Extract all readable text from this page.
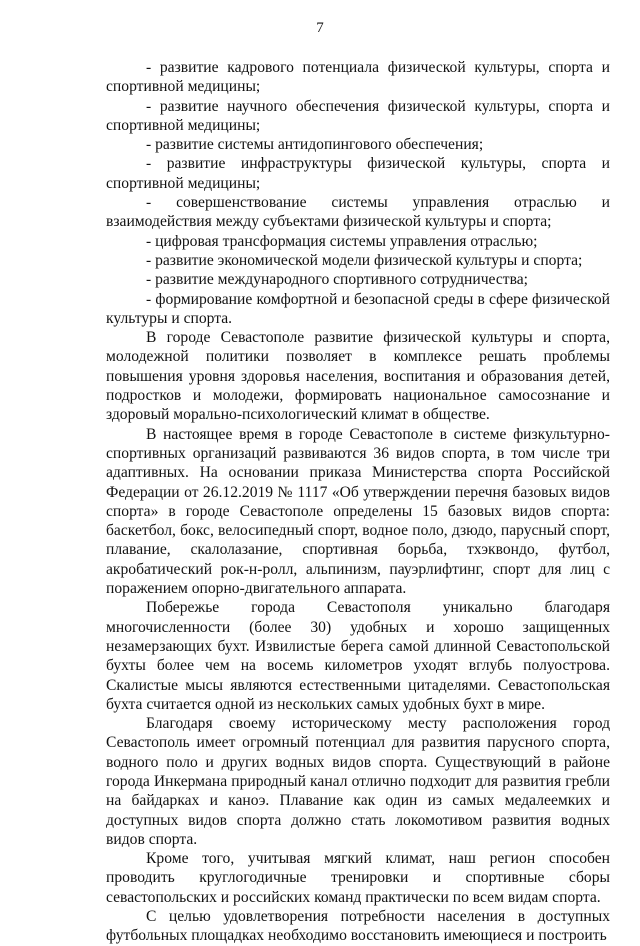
7

- развитие кадрового потенциала физической культуры, спорта и спортивной медицины;

- развитие научного обеспечения физической культуры, спорта и спортивной медицины;

- развитие системы антидопингового обеспечения;

- развитие инфраструктуры физической культуры, спорта и спортивной медицины;

- совершенствование системы управления отраслью и взаимодействия между субъектами физической культуры и спорта;

- цифровая трансформация системы управления отраслью;

- развитие экономической модели физической культуры и спорта;

- развитие международного спортивного сотрудничества;

- формирование комфортной и безопасной среды в сфере физической культуры и спорта.

В городе Севастополе развитие физической культуры и спорта, молодежной политики позволяет в комплексе решать проблемы повышения уровня здоровья населения, воспитания и образования детей, подростков и молодежи, формировать национальное самосознание и здоровый морально-психологический климат в обществе.

В настоящее время в городе Севастополе в системе физкультурно-спортивных организаций развиваются 36 видов спорта, в том числе три адаптивных. На основании приказа Министерства спорта Российской Федерации от 26.12.2019 № 1117 «Об утверждении перечня базовых видов спорта» в городе Севастополе определены 15 базовых видов спорта: баскетбол, бокс, велосипедный спорт, водное поло, дзюдо, парусный спорт, плавание, скалолазание, спортивная борьба, тхэквондо, футбол, акробатический рок-н-ролл, альпинизм, пауэрлифтинг, спорт для лиц с поражением опорно-двигательного аппарата.

Побережье города Севастополя уникально благодаря многочисленности (более 30) удобных и хорошо защищенных незамерзающих бухт. Извилистые берега самой длинной Севастопольской бухты более чем на восемь километров уходят вглубь полуострова. Скалистые мысы являются естественными цитаделями. Севастопольская бухта считается одной из нескольких самых удобных бухт в мире.

Благодаря своему историческому месту расположения город Севастополь имеет огромный потенциал для развития парусного спорта, водного поло и других водных видов спорта. Существующий в районе города Инкермана природный канал отлично подходит для развития гребли на байдарках и каноэ. Плавание как один из самых медалеемких и доступных видов спорта должно стать локомотивом развития водных видов спорта.

Кроме того, учитывая мягкий климат, наш регион способен проводить круглогодичные тренировки и спортивные сборы севастопольских и российских команд практически по всем видам спорта.

С целью удовлетворения потребности населения в доступных футбольных площадках необходимо восстановить имеющиеся и построить
